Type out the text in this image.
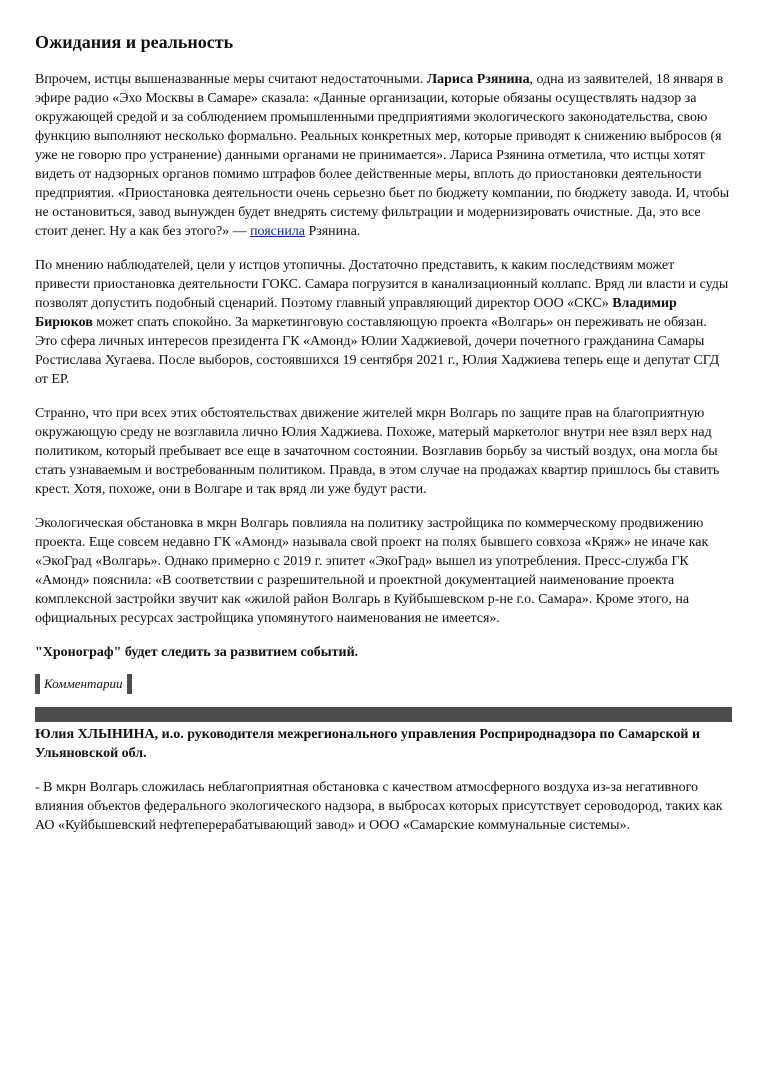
Ожидания и реальность

Впрочем, истцы вышеназванные меры считают недостаточными. Лариса Рзянина, одна из заявителей, 18 января в эфире радио «Эхо Москвы в Самаре» сказала: «Данные организации, которые обязаны осуществлять надзор за окружающей средой и за соблюдением промышленными предприятиями экологического законодательства, свою функцию выполняют несколько формально. Реальных конкретных мер, которые приводят к снижению выбросов (я уже не говорю про устранение) данными органами не принимается». Лариса Рзянина отметила, что истцы хотят видеть от надзорных органов помимо штрафов более действенные меры, вплоть до приостановки деятельности предприятия. «Приостановка деятельности очень серьезно бьет по бюджету компании, по бюджету завода. И, чтобы не остановиться, завод вынужден будет внедрять систему фильтрации и модернизировать очистные. Да, это все стоит денег. Ну а как без этого?» — пояснила Рзянина.

По мнению наблюдателей, цели у истцов утопичны. Достаточно представить, к каким последствиям может привести приостановка деятельности ГОКС. Самара погрузится в канализационный коллапс. Вряд ли власти и суды позволят допустить подобный сценарий. Поэтому главный управляющий директор ООО «СКС» Владимир Бирюков может спать спокойно. За маркетинговую составляющую проекта «Волгарь» он переживать не обязан. Это сфера личных интересов президента ГК «Амонд» Юлии Хаджиевой, дочери почетного гражданина Самары Ростислава Хугаева. После выборов, состоявшихся 19 сентября 2021 г., Юлия Хаджиева теперь еще и депутат СГД от ЕР.

Странно, что при всех этих обстоятельствах движение жителей мкрн Волгарь по защите прав на благоприятную окружающую среду не возглавила лично Юлия Хаджиева. Похоже, матерый маркетолог внутри нее взял верх над политиком, который пребывает все еще в зачаточном состоянии. Возглавив борьбу за чистый воздух, она могла бы стать узнаваемым и востребованным политиком. Правда, в этом случае на продажах квартир пришлось бы ставить крест. Хотя, похоже, они в Волгаре и так вряд ли уже будут расти.

Экологическая обстановка в мкрн Волгарь повлияла на политику застройщика по коммерческому продвижению проекта. Еще совсем недавно ГК «Амонд» называла свой проект на полях бывшего совхоза «Кряж» не иначе как «ЭкоГрад «Волгарь». Однако примерно с 2019 г. эпитет «ЭкоГрад» вышел из употребления. Пресс-служба ГК «Амонд» пояснила: «В соответствии с разрешительной и проектной документацией наименование проекта комплексной застройки звучит как «жилой район Волгарь в Куйбышевском р-не г.о. Самара». Кроме этого, на официальных ресурсах застройщика упомянутого наименования не имеется».

"Хронограф" будет следить за развитием событий.

Комментарии

Юлия ХЛЫНИНА, и.о. руководителя межрегионального управления Росприроднадзора по Самарской и Ульяновской обл.

- В мкрн Волгарь сложилась неблагоприятная обстановка с качеством атмосферного воздуха из-за негативного влияния объектов федерального экологического надзора, в выбросах которых присутствует сероводород, таких как АО «Куйбышевский нефтеперерабатывающий завод» и ООО «Самарские коммунальные системы».
